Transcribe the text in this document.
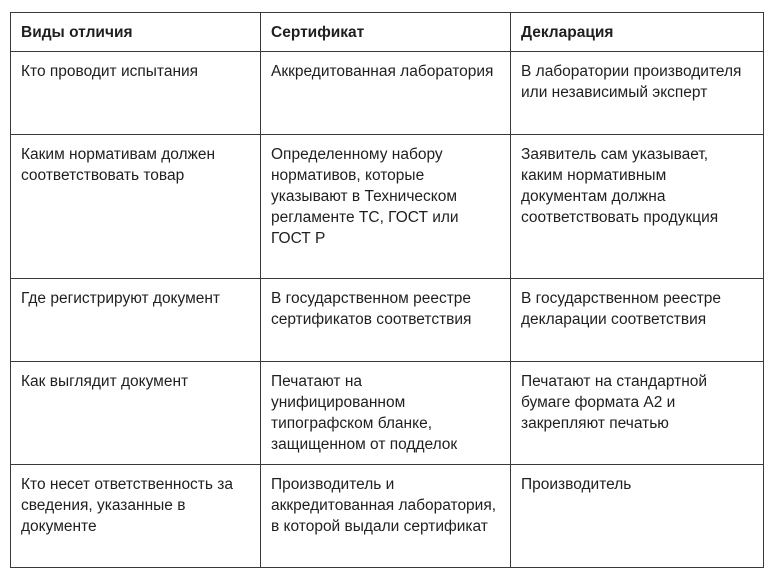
Виды отличия	Сертификат	Декларация
Кто проводит испытания	Аккредитованная лаборатория	В лаборатории производителя или независимый эксперт
Каким нормативам должен соответствовать товар	Определенному набору нормативов, которые указывают в Техническом регламенте ТС, ГОСТ или ГОСТ Р	Заявитель сам указывает, каким нормативным документам должна соответствовать продукция
Где регистрируют документ	В государственном реестре сертификатов соответствия	В государственном реестре декларации соответствия
Как выглядит документ	Печатают на унифицированном типографском бланке, защищенном от подделок	Печатают на стандартной бумаге формата А2 и закрепляют печатью
Кто несет ответственность за сведения, указанные в документе	Производитель и аккредитованная лаборатория, в которой выдали сертификат	Производитель
